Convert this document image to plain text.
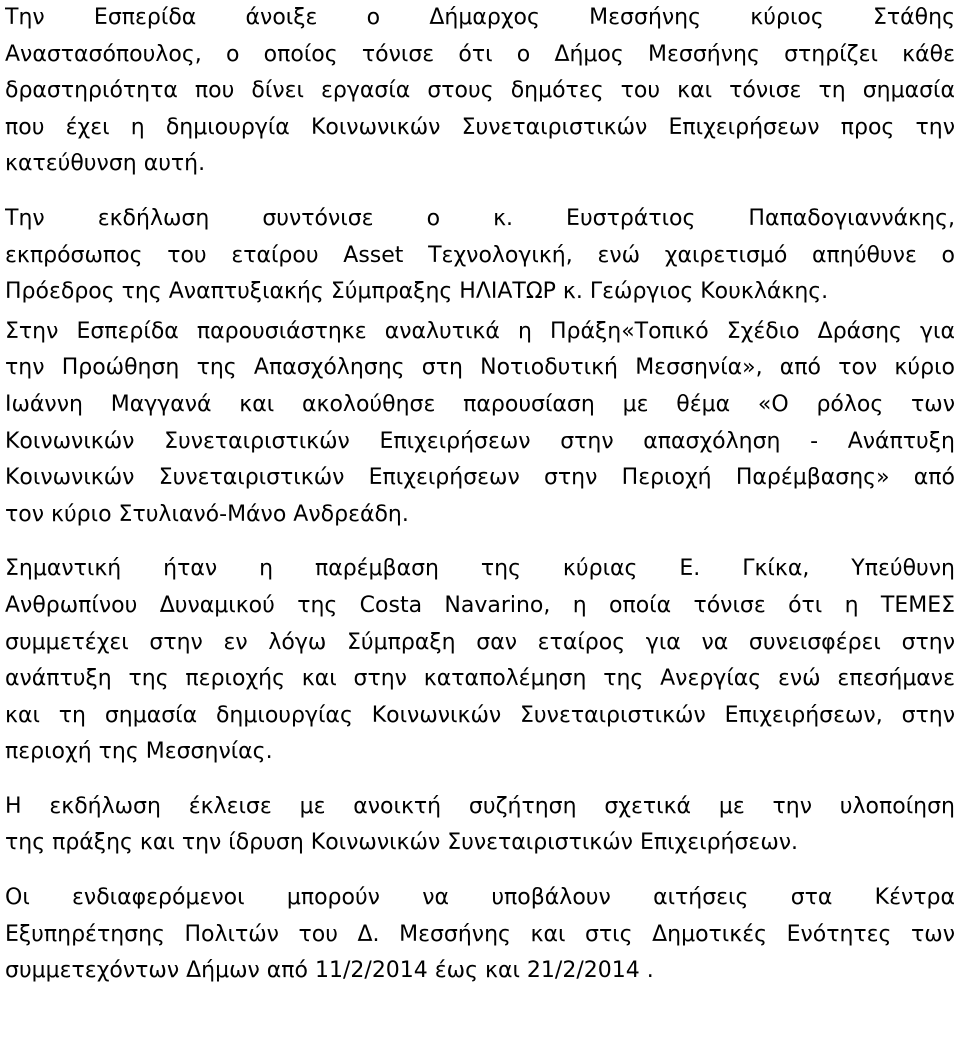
Την Εσπερίδα άνοιξε ο Δήμαρχος Μεσσήνης κύριος Στάθης
Αναστασόπουλος, ο οποίος τόνισε ότι ο Δήμος Μεσσήνης στηρίζει κάθε
δραστηριότητα που δίνει εργασία στους δημότες του και τόνισε τη σημασία
που έχει η δημιουργία Κοινωνικών Συνεταιριστικών Επιχειρήσεων προς την
κατεύθυνση αυτή.
Την εκδήλωση συντόνισε ο κ. Ευστράτιος Παπαδογιαννάκης,
εκπρόσωπος του εταίρου Asset Τεχνολογική, ενώ χαιρετισμό απηύθυνε ο
Πρόεδρος της Αναπτυξιακής Σύμπραξης ΗΛΙΑΤΩΡ κ. Γεώργιος Κουκλάκης.
Στην Εσπερίδα παρουσιάστηκε αναλυτικά η Πράξη«Τοπικό Σχέδιο Δράσης για
την Προώθηση της Απασχόλησης στη Νοτιοδυτική Μεσσηνία», από τον κύριο
Ιωάννη Μαγγανά και ακολούθησε παρουσίαση με θέμα «Ο ρόλος των
Κοινωνικών Συνεταιριστικών Επιχειρήσεων στην απασχόληση - Ανάπτυξη
Κοινωνικών Συνεταιριστικών Επιχειρήσεων στην Περιοχή Παρέμβασης» από
τον κύριο Στυλιανό-Μάνο Ανδρεάδη.
Σημαντική ήταν η παρέμβαση της κύριας Ε. Γκίκα, Υπεύθυνη
Ανθρωπίνου Δυναμικού της Costa Navarino, η οποία τόνισε ότι η ΤΕΜΕΣ
συμμετέχει στην εν λόγω Σύμπραξη σαν εταίρος για να συνεισφέρει στην
ανάπτυξη της περιοχής και στην καταπολέμηση της Ανεργίας ενώ επεσήμανε
και τη σημασία δημιουργίας Κοινωνικών Συνεταιριστικών Επιχειρήσεων, στην
περιοχή της Μεσσηνίας.
Η εκδήλωση έκλεισε με ανοικτή συζήτηση σχετικά με την υλοποίηση
της πράξης και την ίδρυση Κοινωνικών Συνεταιριστικών Επιχειρήσεων.
Οι ενδιαφερόμενοι μπορούν να υποβάλουν αιτήσεις στα Κέντρα
Εξυπηρέτησης Πολιτών του Δ. Μεσσήνης και στις Δημοτικές Ενότητες των
συμμετεχόντων Δήμων από 11/2/2014 έως και 21/2/2014 .
